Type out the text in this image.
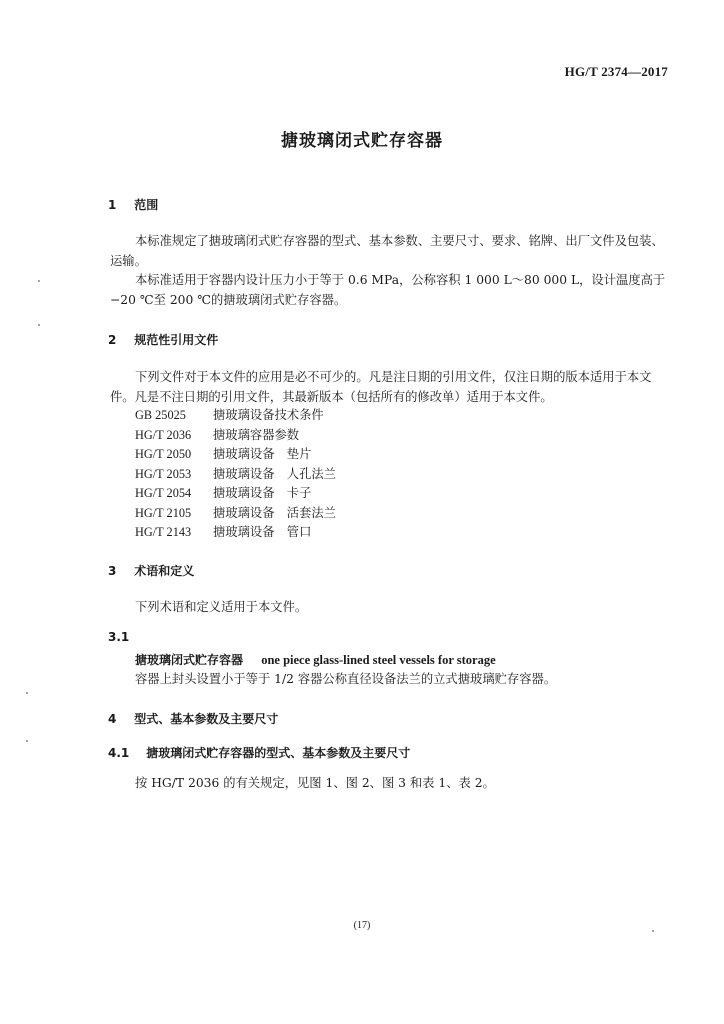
HG/T 2374—2017
搪玻璃闭式贮存容器
1 范围

本标准规定了搪玻璃闭式贮存容器的型式、基本参数、主要尺寸、要求、铭牌、出厂文件及包装、运输。

本标准适用于容器内设计压力小于等于 0.6 MPa，公称容积 1 000 L～80 000 L，设计温度高于 −20 ℃至 200 ℃的搪玻璃闭式贮存容器。

2 规范性引用文件

下列文件对于本文件的应用是必不可少的。凡是注日期的引用文件，仅注日期的版本适用于本文件。凡是不注日期的引用文件，其最新版本（包括所有的修改单）适用于本文件。

GB 25025 搪玻璃设备技术条件
HG/T 2036 搪玻璃容器参数
HG/T 2050 搪玻璃设备　垫片
HG/T 2053 搪玻璃设备　人孔法兰
HG/T 2054 搪玻璃设备　卡子
HG/T 2105 搪玻璃设备　活套法兰
HG/T 2143 搪玻璃设备　管口
3 术语和定义
下列术语和定义适用于本文件。
3.1
搪玻璃闭式贮存容器 one piece glass-lined steel vessels for storage
容器上封头设置小于等于 1/2 容器公称直径设备法兰的立式搪玻璃贮存容器。
4 型式、基本参数及主要尺寸
4.1 搪玻璃闭式贮存容器的型式、基本参数及主要尺寸
按 HG/T 2036 的有关规定，见图 1、图 2、图 3 和表 1、表 2。
(17)
